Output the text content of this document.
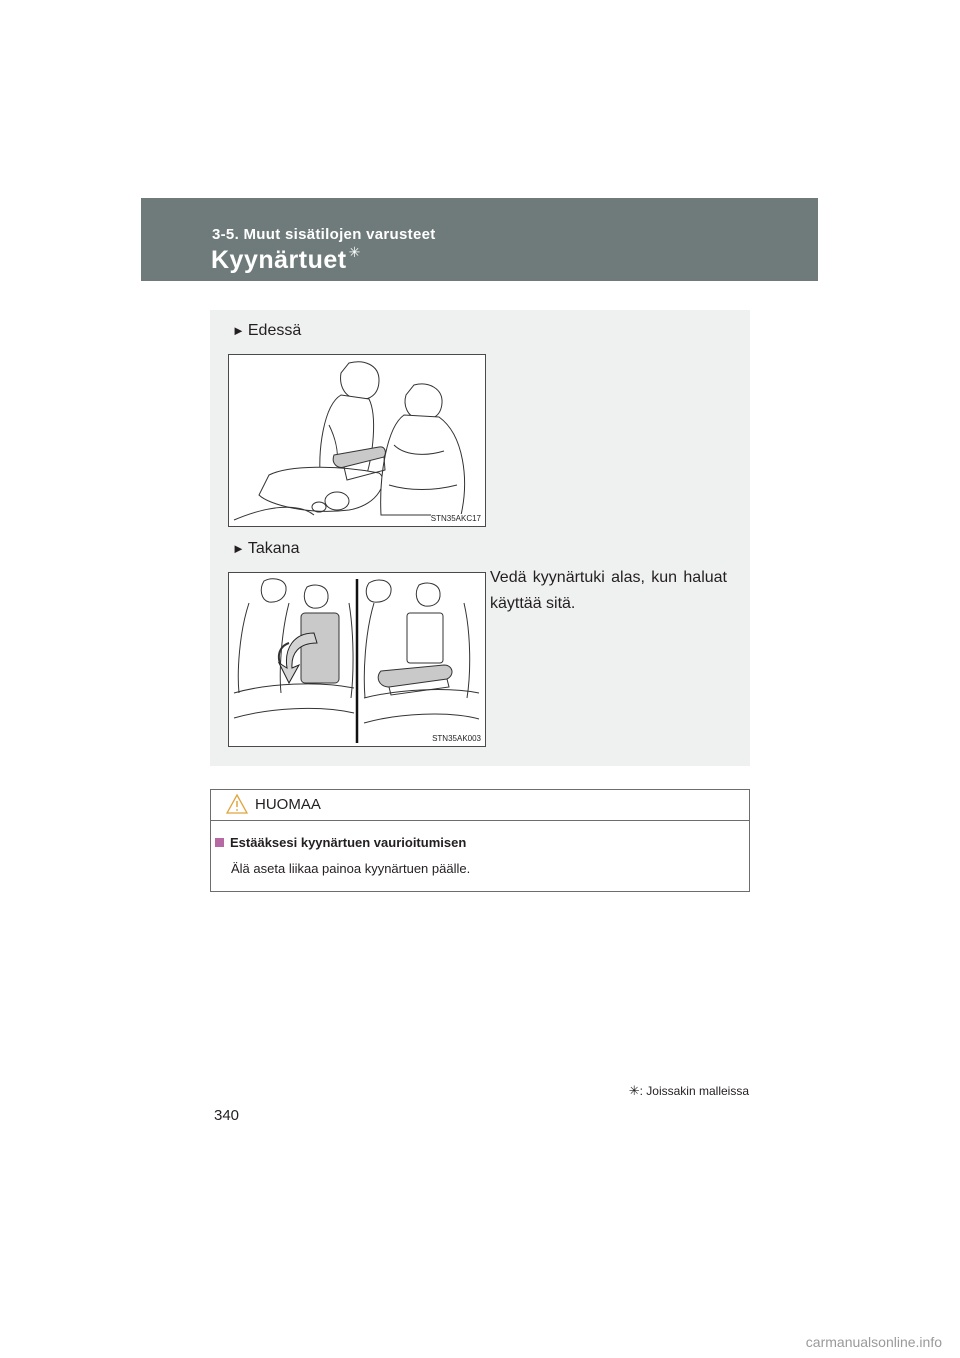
3-5. Muut sisätilojen varusteet
Kyynärtuet ✳
► Edessä
STN35AKC17
► Takana
STN35AK003
Vedä kyynärtuki alas, kun haluat käyttää sitä.
HUOMAA
Estääksesi kyynärtuen vaurioitumisen
Älä aseta liikaa painoa kyynärtuen päälle.
✳: Joissakin malleissa
340
carmanualsonline.info
